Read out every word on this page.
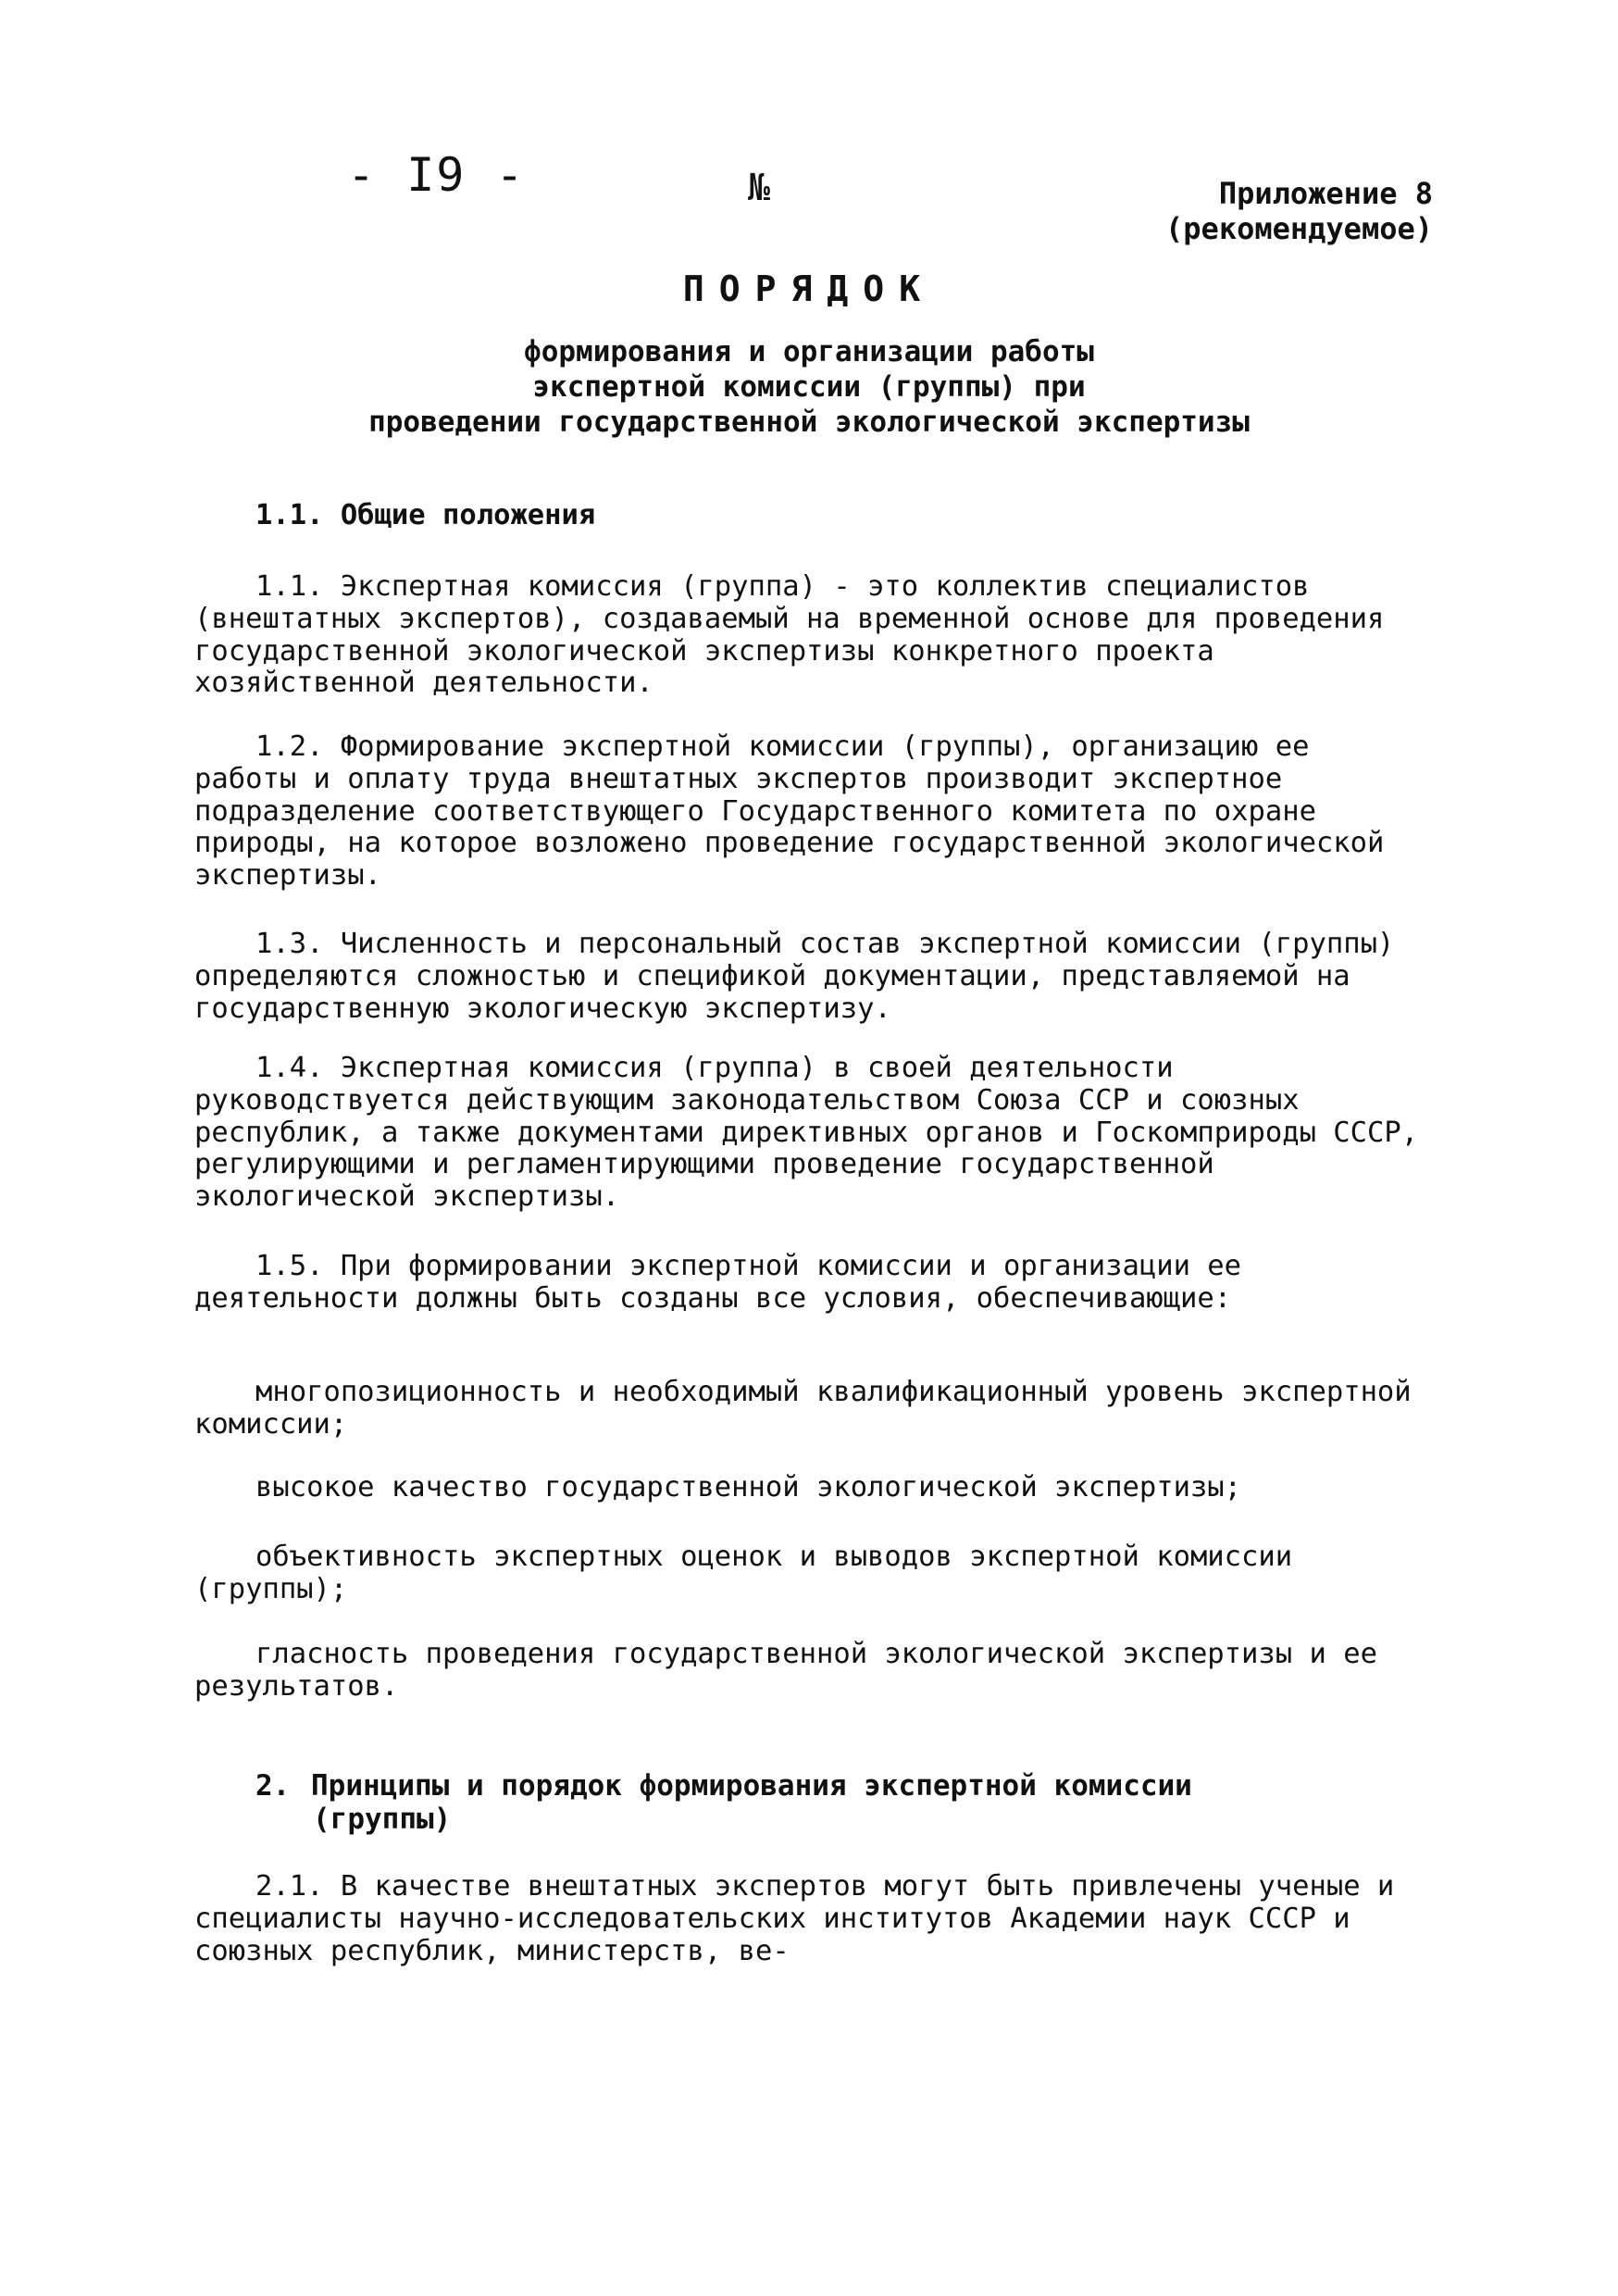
- I9 -	№	Приложение 8
(рекомендуемое)
ПОРЯДОК
формирования и организации работы
экспертной комиссии (группы) при
проведении государственной экологической экспертизы
1.1. Общие положения

1.1. Экспертная комиссия (группа) - это коллектив специалистов (внештатных экспертов), создаваемый на временной основе для проведения государственной экологической экспертизы конкретного проекта хозяйственной деятельности.

1.2. Формирование экспертной комиссии (группы), организацию ее работы и оплату труда внештатных экспертов производит экспертное подразделение соответствующего Государственного комитета по охране природы, на которое возложено проведение государственной экологической экспертизы.

1.3. Численность и персональный состав экспертной комиссии (группы) определяются сложностью и спецификой документации, представляемой на государственную экологическую экспертизу.

1.4. Экспертная комиссия (группа) в своей деятельности руководствуется действующим законодательством Союза ССР и союзных республик, а также документами директивных органов и Госкомприроды СССР, регулирующими и регламентирующими проведение государственной экологической экспертизы.

1.5. При формировании экспертной комиссии и организации ее деятельности должны быть созданы все условия, обеспечивающие:

многопозиционность и необходимый квалификационный уровень экспертной комиссии;

высокое качество государственной экологической экспертизы;

объективность экспертных оценок и выводов экспертной комиссии (группы);

гласность проведения государственной экологической экспертизы и ее результатов.

2. Принципы и порядок формирования экспертной комиссии
(группы)

2.1. В качестве внештатных экспертов могут быть привлечены ученые и специалисты научно-исследовательских институтов Академии наук СССР и союзных республик, министерств, ве-
